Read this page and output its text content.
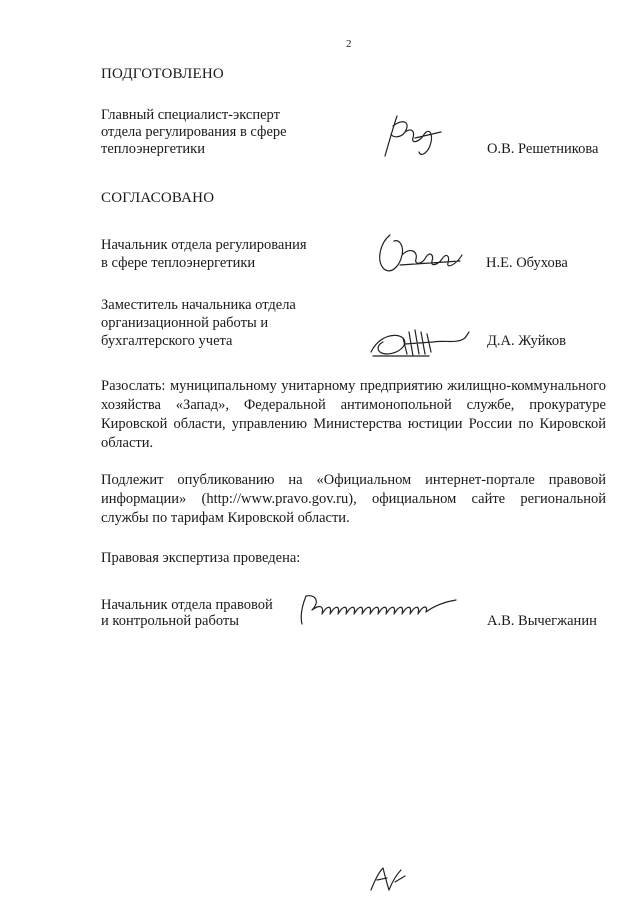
2
ПОДГОТОВЛЕНО
Главный специалист-эксперт
отдела регулирования в сфере
теплоэнергетики	О.В. Решетникова
СОГЛАСОВАНО
Начальник отдела регулирования
в сфере теплоэнергетики	Н.Е. Обухова
Заместитель начальника отдела
организационной работы и
бухгалтерского учета	Д.А. Жуйков
Разослать: муниципальному унитарному предприятию жилищно-коммунального хозяйства «Запад», Федеральной антимонопольной службе, прокуратуре Кировской области, управлению Министерства юстиции России по Кировской области.
Подлежит опубликованию на «Официальном интернет-портале правовой информации» (http://www.pravo.gov.ru), официальном сайте региональной службы по тарифам Кировской области.
Правовая экспертиза проведена:
Начальник отдела правовой
и контрольной работы	А.В. Вычегжанин
